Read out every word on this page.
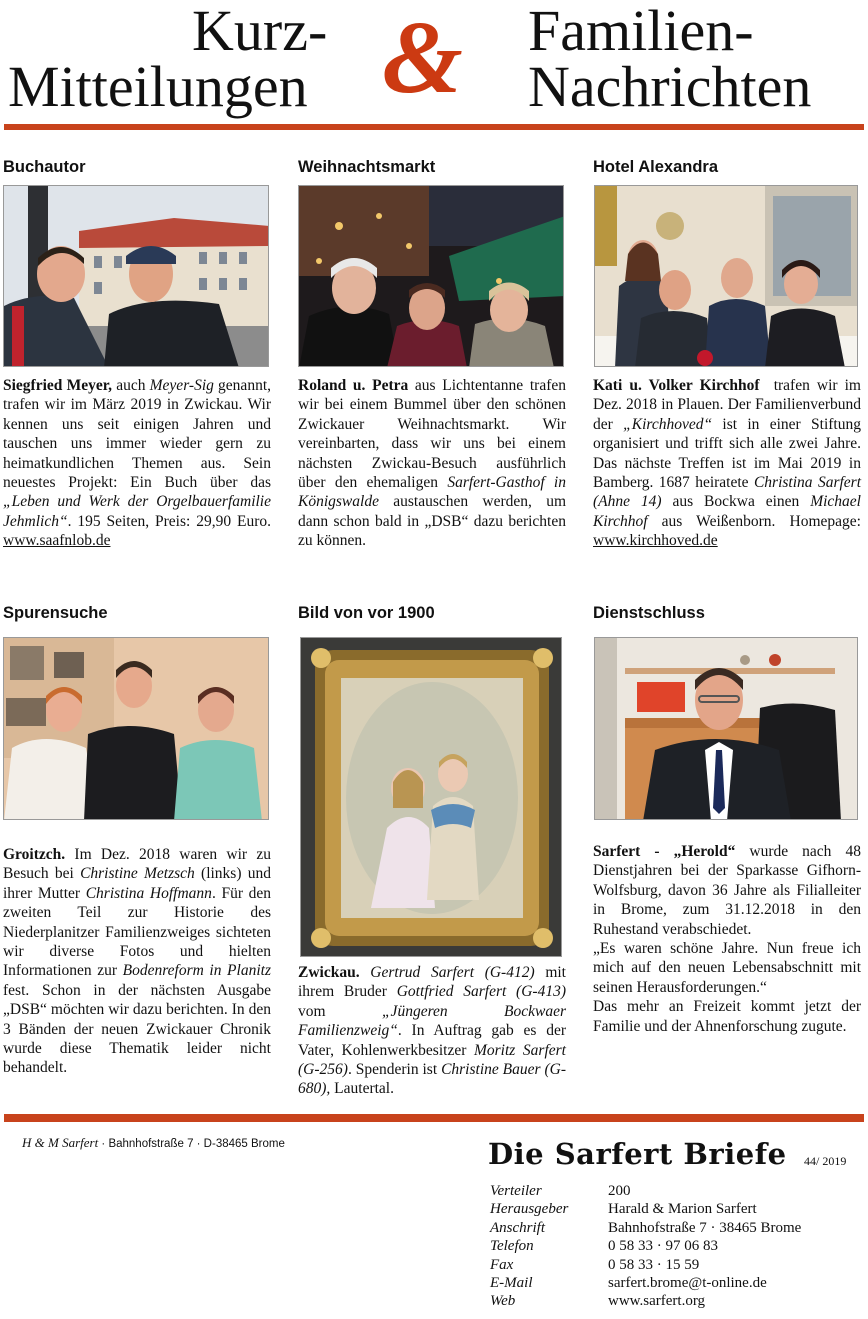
Kurz-
Mitteilungen & Familien-
Nachrichten
Buchautor

Siegfried Meyer, auch Meyer-Sig genannt, trafen wir im März 2019 in Zwickau. Wir kennen uns seit einigen Jahren und tauschen uns immer wieder gern zu heimatkundlichen Themen aus. Sein neuestes Projekt: Ein Buch über das „Leben und Werk der Orgelbauerfamilie Jehmlich“. 195 Seiten, Preis: 29,90 Euro.     www.saafnlob.de

Weihnachtsmarkt

Roland u. Petra aus Lichtentanne trafen wir bei einem Bummel über den schönen Zwickauer Weihnachtsmarkt. Wir vereinbarten, dass wir uns bei einem nächsten Zwickau-Besuch ausführlich über den ehemaligen Sarfert-Gasthof in Königswalde austauschen werden, um dann schon bald in „DSB“ dazu berichten zu können.

Hotel Alexandra

Kati u. Volker Kirchhof  trafen wir im Dez. 2018 in Plauen. Der Familienverbund der „Kirchhoved“ ist in einer Stiftung organisiert und trifft sich alle zwei Jahre. Das nächste Treffen ist im Mai 2019 in Bamberg. 1687 heiratete Christina Sarfert (Ahne 14) aus Bockwa einen Michael Kirchhof aus Weißenborn. Homepage: www.kirchhoved.de

Spurensuche

Groitzch. Im Dez. 2018 waren wir zu Besuch bei Christine Metzsch (links) und ihrer Mutter Christina Hoffmann. Für den zweiten Teil zur Historie des Niederplanitzer Familienzweiges sichteten wir diverse Fotos und hielten Informationen zur Bodenreform in Planitz fest. Schon in der nächsten Ausgabe „DSB“ möchten wir dazu berichten. In den 3 Bänden der neuen Zwickauer Chronik wurde diese Thematik leider nicht behandelt.

Bild von vor 1900

Zwickau. Gertrud Sarfert (G-412) mit ihrem Bruder Gottfried Sarfert (G-413) vom „Jüngeren Bockwaer Familienzweig“. In Auftrag gab es der Vater, Kohlenwerkbesitzer Moritz Sarfert (G-256). Spenderin ist Christine Bauer (G-680), Lautertal.

Dienstschluss

Sarfert - „Herold“ wurde nach 48 Dienstjahren bei der Sparkasse Gifhorn-Wolfsburg, davon 36 Jahre als Filialleiter in Brome, zum 31.12.2018 in den Ruhestand verabschiedet.
„Es waren schöne Jahre. Nun freue ich mich auf den neuen Lebensabschnitt mit seinen Herausforderungen.“
Das mehr an Freizeit kommt jetzt der Familie und der Ahnenforschung zugute.

H & M Sarfert · Bahnhofstraße 7 · D-38465 Brome	Die Sarfert Briefe 44/ 2019
Verteiler	200
Herausgeber	Harald & Marion Sarfert
Anschrift	Bahnhofstraße 7 · 38465 Brome
Telefon	0 58 33 · 97 06 83
Fax	0 58 33 · 15 59
E-Mail	sarfert.brome@t-online.de
Web	www.sarfert.org
